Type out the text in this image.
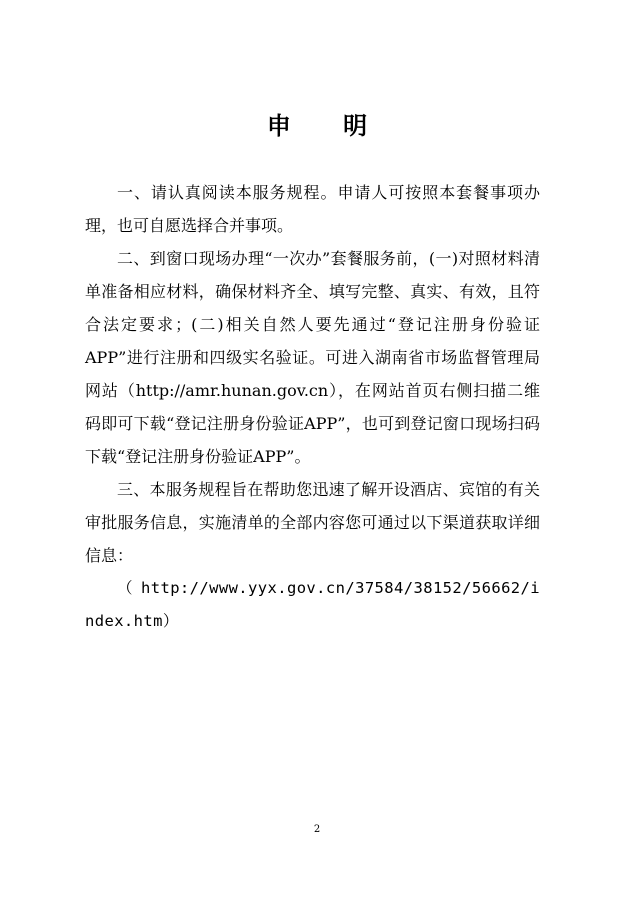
申 明

一、请认真阅读本服务规程。申请人可按照本套餐事项办理，也可自愿选择合并事项。

二、到窗口现场办理“一次办”套餐服务前，(一)对照材料清单准备相应材料，确保材料齐全、填写完整、真实、有效，且符合法定要求；(二)相关自然人要先通过“登记注册身份验证APP”进行注册和四级实名验证。可进入湖南省市场监督管理局网站（http://amr.hunan.gov.cn），在网站首页右侧扫描二维码即可下载“登记注册身份验证APP”，也可到登记窗口现场扫码下载“登记注册身份验证APP”。

三、本服务规程旨在帮助您迅速了解开设酒店、宾馆的有关审批服务信息，实施清单的全部内容您可通过以下渠道获取详细信息：

（http://www.yyx.gov.cn/37584/38152/56662/index.htm）

2
